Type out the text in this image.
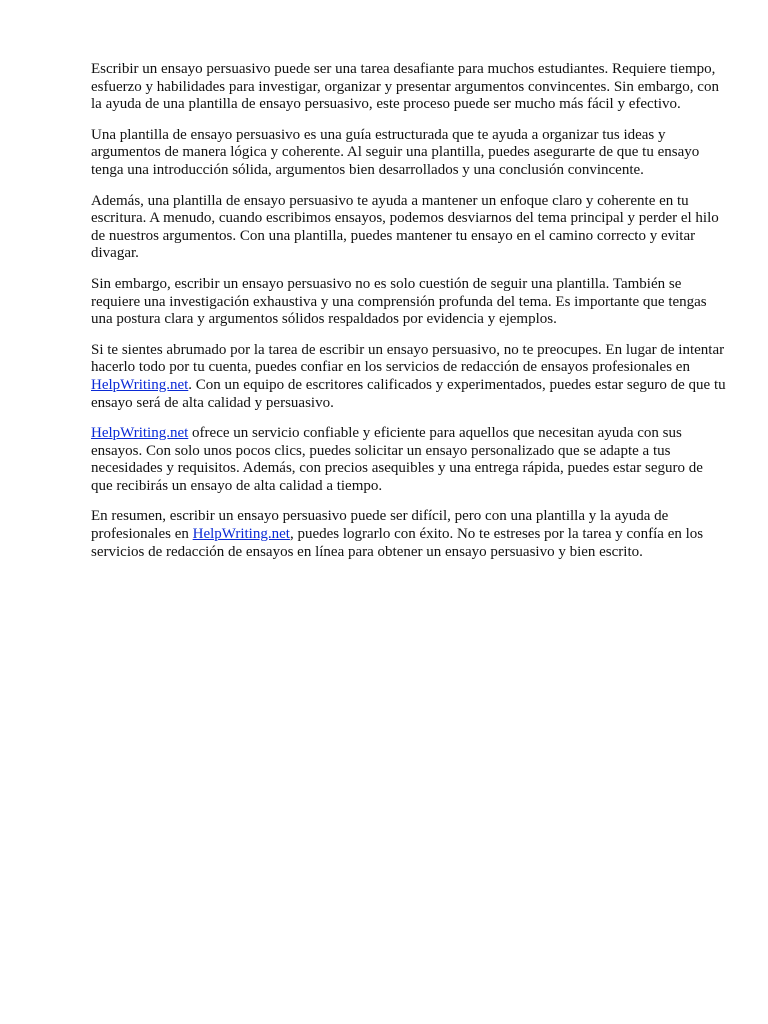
Escribir un ensayo persuasivo puede ser una tarea desafiante para muchos estudiantes. Requiere tiempo, esfuerzo y habilidades para investigar, organizar y presentar argumentos convincentes. Sin embargo, con la ayuda de una plantilla de ensayo persuasivo, este proceso puede ser mucho más fácil y efectivo.

Una plantilla de ensayo persuasivo es una guía estructurada que te ayuda a organizar tus ideas y argumentos de manera lógica y coherente. Al seguir una plantilla, puedes asegurarte de que tu ensayo tenga una introducción sólida, argumentos bien desarrollados y una conclusión convincente.

Además, una plantilla de ensayo persuasivo te ayuda a mantener un enfoque claro y coherente en tu escritura. A menudo, cuando escribimos ensayos, podemos desviarnos del tema principal y perder el hilo de nuestros argumentos. Con una plantilla, puedes mantener tu ensayo en el camino correcto y evitar divagar.

Sin embargo, escribir un ensayo persuasivo no es solo cuestión de seguir una plantilla. También se requiere una investigación exhaustiva y una comprensión profunda del tema. Es importante que tengas una postura clara y argumentos sólidos respaldados por evidencia y ejemplos.

Si te sientes abrumado por la tarea de escribir un ensayo persuasivo, no te preocupes. En lugar de intentar hacerlo todo por tu cuenta, puedes confiar en los servicios de redacción de ensayos profesionales en HelpWriting.net. Con un equipo de escritores calificados y experimentados, puedes estar seguro de que tu ensayo será de alta calidad y persuasivo.

HelpWriting.net ofrece un servicio confiable y eficiente para aquellos que necesitan ayuda con sus ensayos. Con solo unos pocos clics, puedes solicitar un ensayo personalizado que se adapte a tus necesidades y requisitos. Además, con precios asequibles y una entrega rápida, puedes estar seguro de que recibirás un ensayo de alta calidad a tiempo.

En resumen, escribir un ensayo persuasivo puede ser difícil, pero con una plantilla y la ayuda de profesionales en HelpWriting.net, puedes lograrlo con éxito. No te estreses por la tarea y confía en los servicios de redacción de ensayos en línea para obtener un ensayo persuasivo y bien escrito.
